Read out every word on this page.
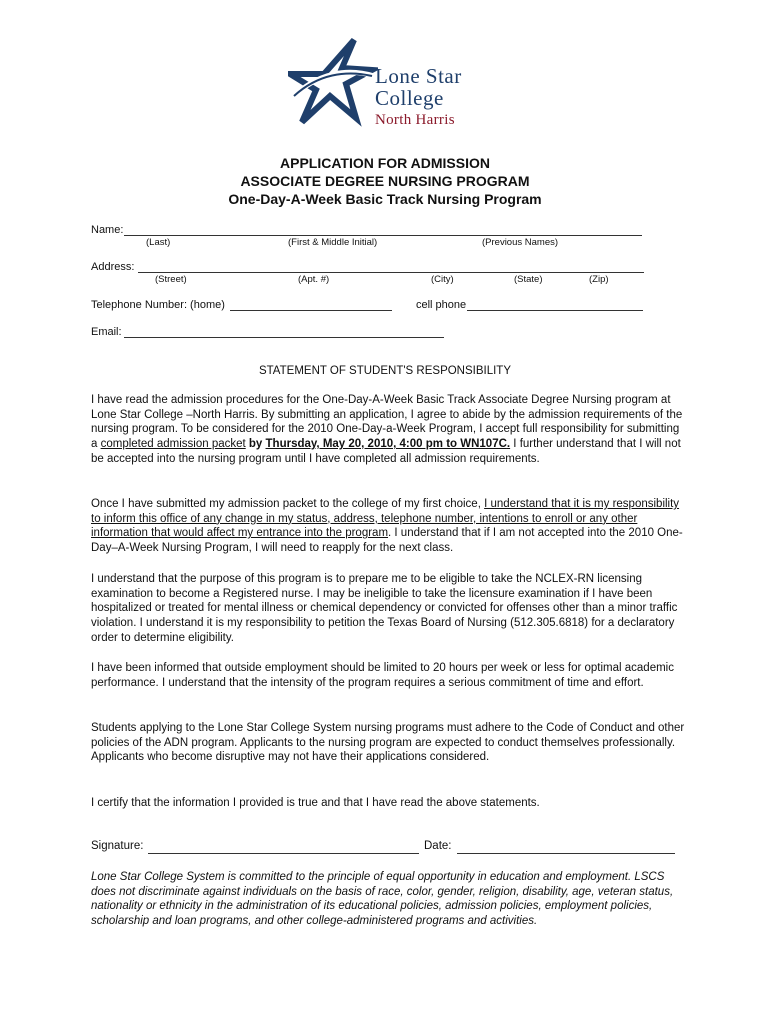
Lone Star
College
North Harris
APPLICATION FOR ADMISSION
ASSOCIATE DEGREE NURSING PROGRAM
One-Day-A-Week Basic Track Nursing Program
Name:
(Last)	(First & Middle Initial)	(Previous Names)
Address:
(Street)	(Apt. #)	(City)	(State)	(Zip)
Telephone Number: (home)	cell phone
Email:
STATEMENT OF STUDENT'S RESPONSIBILITY

I have read the admission procedures for the One-Day-A-Week Basic Track Associate Degree Nursing program at Lone Star College –North Harris. By submitting an application, I agree to abide by the admission requirements of the nursing program. To be considered for the 2010 One-Day-a-Week Program, I accept full responsibility for submitting a completed admission packet by Thursday, May 20, 2010, 4:00 pm to WN107C. I further understand that I will not be accepted into the nursing program until I have completed all admission requirements.

Once I have submitted my admission packet to the college of my first choice, I understand that it is my responsibility to inform this office of any change in my status, address, telephone number, intentions to enroll or any other information that would affect my entrance into the program. I understand that if I am not accepted into the 2010 One-Day–A-Week Nursing Program, I will need to reapply for the next class.

I understand that the purpose of this program is to prepare me to be eligible to take the NCLEX-RN licensing examination to become a Registered nurse. I may be ineligible to take the licensure examination if I have been hospitalized or treated for mental illness or chemical dependency or convicted for offenses other than a minor traffic violation. I understand it is my responsibility to petition the Texas Board of Nursing (512.305.6818) for a declaratory order to determine eligibility.

I have been informed that outside employment should be limited to 20 hours per week or less for optimal academic performance. I understand that the intensity of the program requires a serious commitment of time and effort.

Students applying to the Lone Star College System nursing programs must adhere to the Code of Conduct and other policies of the ADN program. Applicants to the nursing program are expected to conduct themselves professionally. Applicants who become disruptive may not have their applications considered.

I certify that the information I provided is true and that I have read the above statements.

Signature:	Date:

Lone Star College System is committed to the principle of equal opportunity in education and employment. LSCS does not discriminate against individuals on the basis of race, color, gender, religion, disability, age, veteran status, nationality or ethnicity in the administration of its educational policies, admission policies, employment policies, scholarship and loan programs, and other college-administered programs and activities.
